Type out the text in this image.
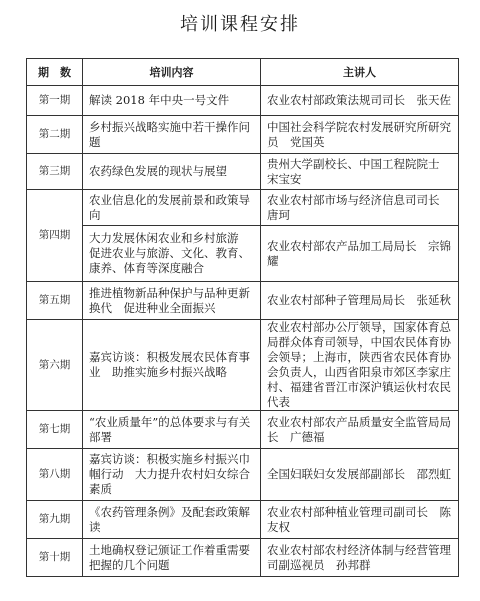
培训课程安排
期　数	培训内容	主讲人
第一期	解读 2018 年中央一号文件	农业农村部政策法规司司长　张天佐
第二期	乡村振兴战略实施中若干操作问题	中国社会科学院农村发展研究所研究员　党国英
第三期	农药绿色发展的现状与展望	贵州大学副校长、中国工程院院士　宋宝安
第四期	农业信息化的发展前景和政策导向	农业农村部市场与经济信息司司长　唐珂
	大力发展休闲农业和乡村旅游　促进农业与旅游、文化、教育、康养、体育等深度融合	农业农村部农产品加工局局长　宗锦耀
第五期	推进植物新品种保护与品种更新换代　促进种业全面振兴	农业农村部种子管理局局长　张延秋
第六期	嘉宾访谈：积极发展农民体育事业　助推实施乡村振兴战略	农业农村部办公厅领导，国家体育总局群众体育司领导，中国农民体育协会领导；上海市，陕西省农民体育协会负责人，山西省阳泉市郊区李家庄村、福建省晋江市深沪镇运伙村农民代表
第七期	“农业质量年”的总体要求与有关部署	农业农村部农产品质量安全监管局局长　广德福
第八期	嘉宾访谈：积极实施乡村振兴巾帼行动　大力提升农村妇女综合素质	全国妇联妇女发展部副部长　邵烈虹
第九期	《农药管理条例》及配套政策解读	农业农村部种植业管理司副司长　陈友权
第十期	土地确权登记颁证工作着重需要把握的几个问题	农业农村部农村经济体制与经营管理司副巡视员　孙邦群
